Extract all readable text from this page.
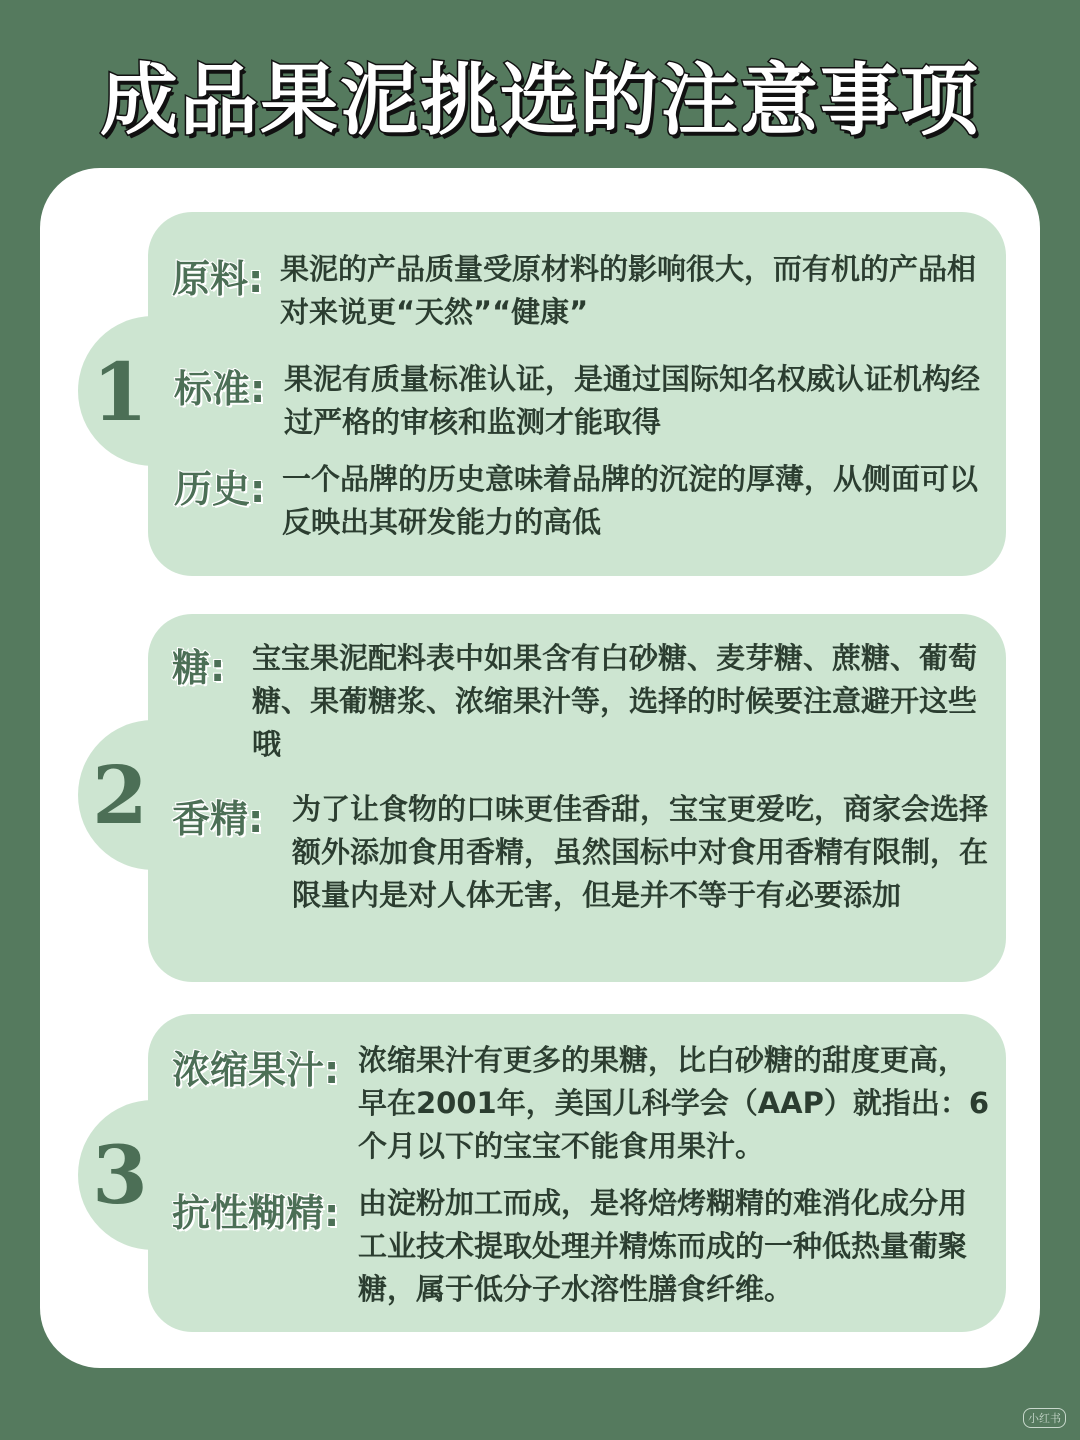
成品果泥挑选的注意事项
1
原料: 果泥的产品质量受原材料的影响很大，而有机的产品相对来说更“天然”“健康”
标准: 果泥有质量标准认证，是通过国际知名权威认证机构经过严格的审核和监测才能取得
历史: 一个品牌的历史意味着品牌的沉淀的厚薄，从侧面可以反映出其研发能力的高低
2
糖: 宝宝果泥配料表中如果含有白砂糖、麦芽糖、蔗糖、葡萄糖、果葡糖浆、浓缩果汁等，选择的时候要注意避开这些哦
香精: 为了让食物的口味更佳香甜，宝宝更爱吃，商家会选择额外添加食用香精，虽然国标中对食用香精有限制，在限量内是对人体无害，但是并不等于有必要添加
3
浓缩果汁: 浓缩果汁有更多的果糖，比白砂糖的甜度更高，早在2001年，美国儿科学会（AAP）就指出：6个月以下的宝宝不能食用果汁。
抗性糊精: 由淀粉加工而成，是将焙烤糊精的难消化成分用工业技术提取处理并精炼而成的一种低热量葡聚糖，属于低分子水溶性膳食纤维。
小红书
